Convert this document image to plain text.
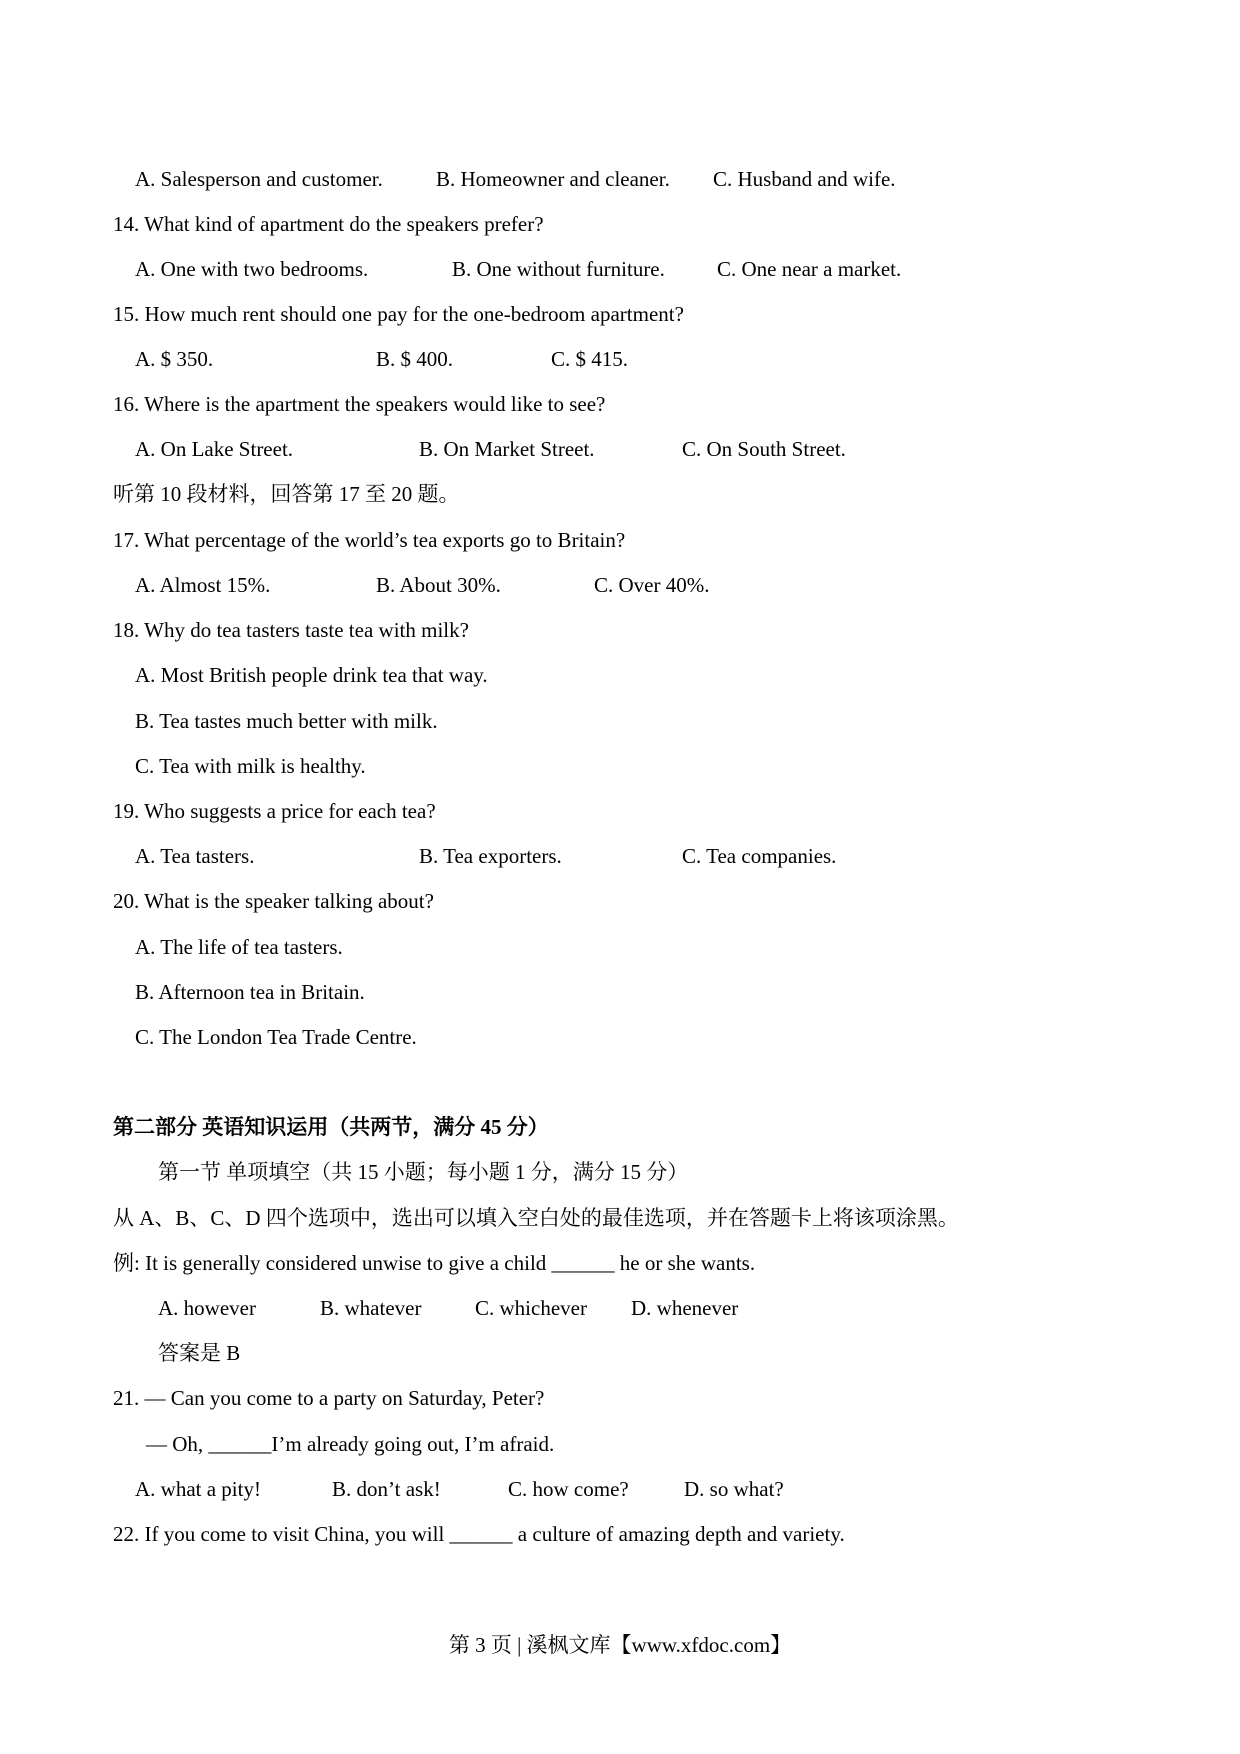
A. Salesperson and customer.	B. Homeowner and cleaner. C. Husband and wife.
14. What kind of apartment do the speakers prefer?
A. One with two bedrooms.	B. One without furniture. C. One near a market.
15. How much rent should one pay for the one-bedroom apartment?
A. $ 350.	B. $ 400.	C. $ 415.
16. Where is the apartment the speakers would like to see?
A. On Lake Street.	B. On Market Street.	C. On South Street.
听第 10 段材料，回答第 17 至 20 题。
17. What percentage of the world’s tea exports go to Britain?
A. Almost 15%.	B. About 30%.	C. Over 40%.
18. Why do tea tasters taste tea with milk?
A. Most British people drink tea that way.
B. Tea tastes much better with milk.
C. Tea with milk is healthy.
19. Who suggests a price for each tea?
A. Tea tasters.	B. Tea exporters.	C. Tea companies.
20. What is the speaker talking about?
A. The life of tea tasters.
B. Afternoon tea in Britain.
C. The London Tea Trade Centre.
第二部分 英语知识运用（共两节，满分 45 分）
第一节 单项填空（共 15 小题；每小题 1 分，满分 15 分）
从 A、B、C、D 四个选项中，选出可以填入空白处的最佳选项，并在答题卡上将该项涂黑。
例: It is generally considered unwise to give a child ______ he or she wants.
A. however	B. whatever	C. whichever D. whenever
答案是 B
21. — Can you come to a party on Saturday, Peter?
— Oh, ______I’m already going out, I’m afraid.
A. what a pity!	B. don’t ask!	C. how come?	D. so what?
22. If you come to visit China, you will ______ a culture of amazing depth and variety.
第 3 页 | 溪枫文库【www.xfdoc.com】
